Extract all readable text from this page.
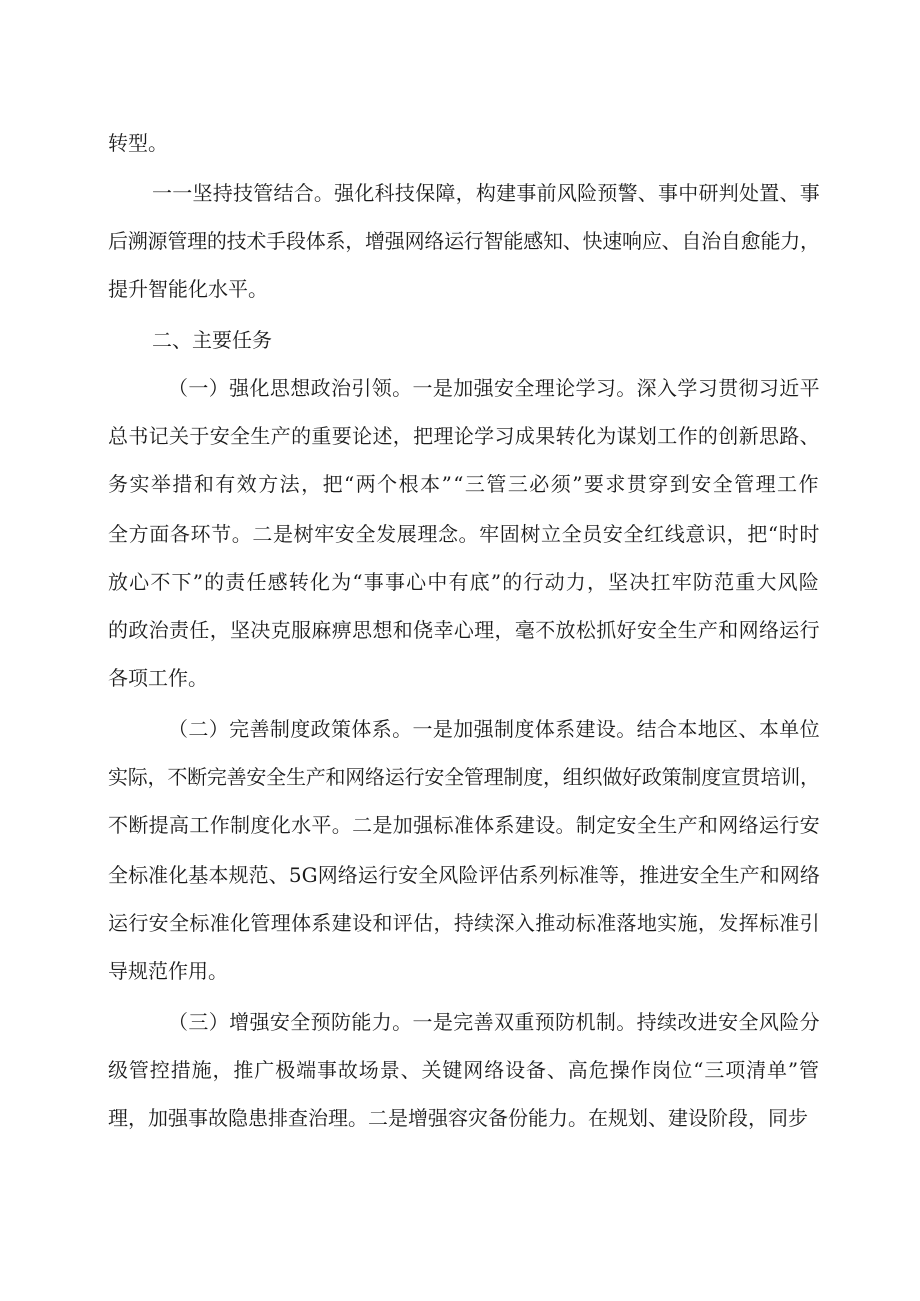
转型。
一一坚持技管结合。强化科技保障，构建事前风险预警、事中研判处置、事
后溯源管理的技术手段体系，增强网络运行智能感知、快速响应、自治自愈能力，
提升智能化水平。
二、主要任务
（一）强化思想政治引领。一是加强安全理论学习。深入学习贯彻习近平
总书记关于安全生产的重要论述，把理论学习成果转化为谋划工作的创新思路、
务实举措和有效方法，把“两个根本”“三管三必须”要求贯穿到安全管理工作
全方面各环节。二是树牢安全发展理念。牢固树立全员安全红线意识，把“时时
放心不下”的责任感转化为“事事心中有底”的行动力，坚决扛牢防范重大风险
的政治责任，坚决克服麻痹思想和侥幸心理，毫不放松抓好安全生产和网络运行
各项工作。
（二）完善制度政策体系。一是加强制度体系建设。结合本地区、本单位
实际，不断完善安全生产和网络运行安全管理制度，组织做好政策制度宣贯培训，
不断提高工作制度化水平。二是加强标准体系建设。制定安全生产和网络运行安
全标准化基本规范、5G网络运行安全风险评估系列标准等，推进安全生产和网络
运行安全标准化管理体系建设和评估，持续深入推动标准落地实施，发挥标准引
导规范作用。
（三）增强安全预防能力。一是完善双重预防机制。持续改进安全风险分
级管控措施，推广极端事故场景、关键网络设备、高危操作岗位“三项清单”管
理，加强事故隐患排查治理。二是增强容灾备份能力。在规划、建设阶段，同步
